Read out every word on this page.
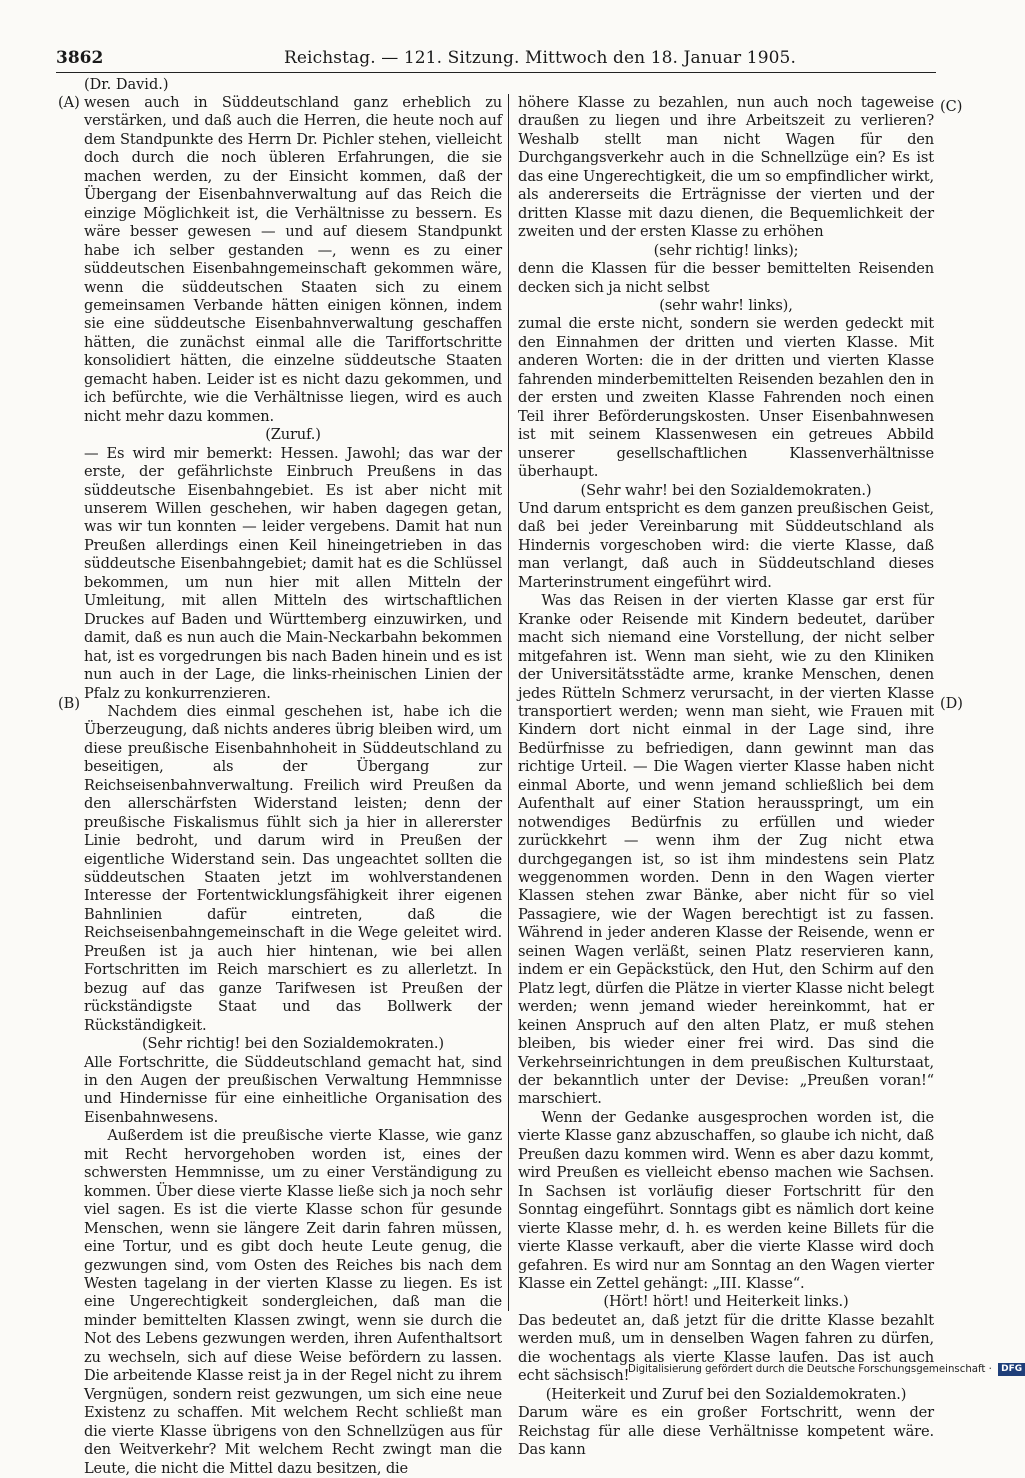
3862	Reichstag. — 121. Sitzung. Mittwoch den 18. Januar 1905.
(Dr. David.)
(A)
(B)
(C)
(D)

wesen auch in Süddeutschland ganz erheblich zu verstärken, und daß auch die Herren, die heute noch auf dem Standpunkte des Herrn Dr. Pichler stehen, vielleicht doch durch die noch übleren Erfahrungen, die sie machen werden, zu der Einsicht kommen, daß der Übergang der Eisenbahnverwaltung auf das Reich die einzige Möglichkeit ist, die Verhältnisse zu bessern. Es wäre besser gewesen — und auf diesem Standpunkt habe ich selber gestanden —, wenn es zu einer süddeutschen Eisenbahngemeinschaft gekommen wäre, wenn die süddeutschen Staaten sich zu einem gemeinsamen Verbande hätten einigen können, indem sie eine süddeutsche Eisenbahnverwaltung geschaffen hätten, die zunächst einmal alle die Tariffortschritte konsolidiert hätten, die einzelne süddeutsche Staaten gemacht haben. Leider ist es nicht dazu gekommen, und ich befürchte, wie die Verhältnisse liegen, wird es auch nicht mehr dazu kommen.

(Zuruf.)

— Es wird mir bemerkt: Hessen. Jawohl; das war der erste, der gefährlichste Einbruch Preußens in das süddeutsche Eisenbahngebiet. Es ist aber nicht mit unserem Willen geschehen, wir haben dagegen getan, was wir tun konnten — leider vergebens. Damit hat nun Preußen allerdings einen Keil hineingetrieben in das süddeutsche Eisenbahngebiet; damit hat es die Schlüssel bekommen, um nun hier mit allen Mitteln der Umleitung, mit allen Mitteln des wirtschaftlichen Druckes auf Baden und Württemberg einzuwirken, und damit, daß es nun auch die Main-Neckarbahn bekommen hat, ist es vorgedrungen bis nach Baden hinein und es ist nun auch in der Lage, die links-rheinischen Linien der Pfalz zu konkurrenzieren.

Nachdem dies einmal geschehen ist, habe ich die Überzeugung, daß nichts anderes übrig bleiben wird, um diese preußische Eisenbahnhoheit in Süddeutschland zu beseitigen, als der Übergang zur Reichseisenbahnverwaltung. Freilich wird Preußen da den allerschärfsten Widerstand leisten; denn der preußische Fiskalismus fühlt sich ja hier in allererster Linie bedroht, und darum wird in Preußen der eigentliche Widerstand sein. Das ungeachtet sollten die süddeutschen Staaten jetzt im wohlverstandenen Interesse der Fortentwicklungsfähigkeit ihrer eigenen Bahnlinien dafür eintreten, daß die Reichseisenbahngemeinschaft in die Wege geleitet wird. Preußen ist ja auch hier hintenan, wie bei allen Fortschritten im Reich marschiert es zu allerletzt. In bezug auf das ganze Tarifwesen ist Preußen der rückständigste Staat und das Bollwerk der Rückständigkeit.

(Sehr richtig! bei den Sozialdemokraten.)

Alle Fortschritte, die Süddeutschland gemacht hat, sind in den Augen der preußischen Verwaltung Hemmnisse und Hindernisse für eine einheitliche Organisation des Eisenbahnwesens.

Außerdem ist die preußische vierte Klasse, wie ganz mit Recht hervorgehoben worden ist, eines der schwersten Hemmnisse, um zu einer Verständigung zu kommen. Über diese vierte Klasse ließe sich ja noch sehr viel sagen. Es ist die vierte Klasse schon für gesunde Menschen, wenn sie längere Zeit darin fahren müssen, eine Tortur, und es gibt doch heute Leute genug, die gezwungen sind, vom Osten des Reiches bis nach dem Westen tagelang in der vierten Klasse zu liegen. Es ist eine Ungerechtigkeit sondergleichen, daß man die minder bemittelten Klassen zwingt, wenn sie durch die Not des Lebens gezwungen werden, ihren Aufenthaltsort zu wechseln, sich auf diese Weise befördern zu lassen. Die arbeitende Klasse reist ja in der Regel nicht zu ihrem Vergnügen, sondern reist gezwungen, um sich eine neue Existenz zu schaffen. Mit welchem Recht schließt man die vierte Klasse übrigens von den Schnellzügen aus für den Weitverkehr? Mit welchem Recht zwingt man die Leute, die nicht die Mittel dazu besitzen, die

höhere Klasse zu bezahlen, nun auch noch tageweise draußen zu liegen und ihre Arbeitszeit zu verlieren? Weshalb stellt man nicht Wagen für den Durchgangsverkehr auch in die Schnellzüge ein? Es ist das eine Ungerechtigkeit, die um so empfindlicher wirkt, als andererseits die Erträgnisse der vierten und der dritten Klasse mit dazu dienen, die Bequemlichkeit der zweiten und der ersten Klasse zu erhöhen

(sehr richtig! links);

denn die Klassen für die besser bemittelten Reisenden decken sich ja nicht selbst

(sehr wahr! links),

zumal die erste nicht, sondern sie werden gedeckt mit den Einnahmen der dritten und vierten Klasse. Mit anderen Worten: die in der dritten und vierten Klasse fahrenden minderbemittelten Reisenden bezahlen den in der ersten und zweiten Klasse Fahrenden noch einen Teil ihrer Beförderungskosten. Unser Eisenbahnwesen ist mit seinem Klassenwesen ein getreues Abbild unserer gesellschaftlichen Klassenverhältnisse überhaupt.

(Sehr wahr! bei den Sozialdemokraten.)

Und darum entspricht es dem ganzen preußischen Geist, daß bei jeder Vereinbarung mit Süddeutschland als Hindernis vorgeschoben wird: die vierte Klasse, daß man verlangt, daß auch in Süddeutschland dieses Marterinstrument eingeführt wird.

Was das Reisen in der vierten Klasse gar erst für Kranke oder Reisende mit Kindern bedeutet, darüber macht sich niemand eine Vorstellung, der nicht selber mitgefahren ist. Wenn man sieht, wie zu den Kliniken der Universitätsstädte arme, kranke Menschen, denen jedes Rütteln Schmerz verursacht, in der vierten Klasse transportiert werden; wenn man sieht, wie Frauen mit Kindern dort nicht einmal in der Lage sind, ihre Bedürfnisse zu befriedigen, dann gewinnt man das richtige Urteil. — Die Wagen vierter Klasse haben nicht einmal Aborte, und wenn jemand schließlich bei dem Aufenthalt auf einer Station herausspringt, um ein notwendiges Bedürfnis zu erfüllen und wieder zurückkehrt — wenn ihm der Zug nicht etwa durchgegangen ist, so ist ihm mindestens sein Platz weggenommen worden. Denn in den Wagen vierter Klassen stehen zwar Bänke, aber nicht für so viel Passagiere, wie der Wagen berechtigt ist zu fassen. Während in jeder anderen Klasse der Reisende, wenn er seinen Wagen verläßt, seinen Platz reservieren kann, indem er ein Gepäckstück, den Hut, den Schirm auf den Platz legt, dürfen die Plätze in vierter Klasse nicht belegt werden; wenn jemand wieder hereinkommt, hat er keinen Anspruch auf den alten Platz, er muß stehen bleiben, bis wieder einer frei wird. Das sind die Verkehrseinrichtungen in dem preußischen Kulturstaat, der bekanntlich unter der Devise: „Preußen voran!“ marschiert.

Wenn der Gedanke ausgesprochen worden ist, die vierte Klasse ganz abzuschaffen, so glaube ich nicht, daß Preußen dazu kommen wird. Wenn es aber dazu kommt, wird Preußen es vielleicht ebenso machen wie Sachsen. In Sachsen ist vorläufig dieser Fortschritt für den Sonntag eingeführt. Sonntags gibt es nämlich dort keine vierte Klasse mehr, d. h. es werden keine Billets für die vierte Klasse verkauft, aber die vierte Klasse wird doch gefahren. Es wird nur am Sonntag an den Wagen vierter Klasse ein Zettel gehängt: „III. Klasse“.

(Hört! hört! und Heiterkeit links.)

Das bedeutet an, daß jetzt für die dritte Klasse bezahlt werden muß, um in denselben Wagen fahren zu dürfen, die wochentags als vierte Klasse laufen. Das ist auch echt sächsisch!

(Heiterkeit und Zuruf bei den Sozialdemokraten.)

Darum wäre es ein großer Fortschritt, wenn der Reichstag für alle diese Verhältnisse kompetent wäre. Das kann

Digitalisierung gefördert durch die Deutsche Forschungsgemeinschaft · DFG
